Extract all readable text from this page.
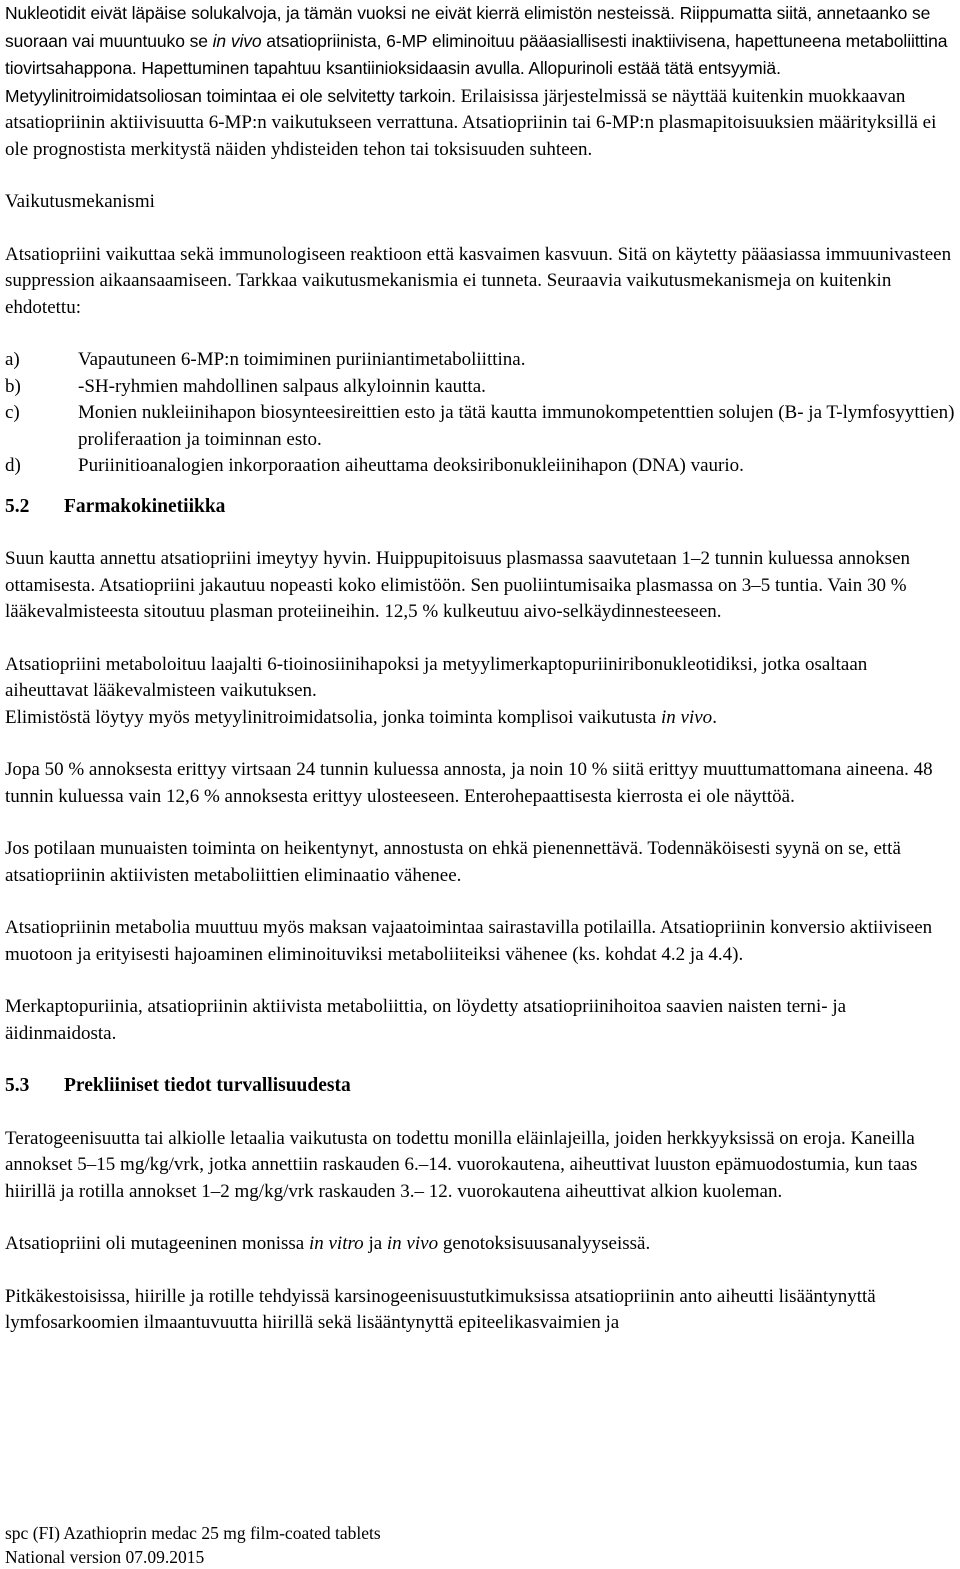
Nukleotidit eivät läpäise solukalvoja, ja tämän vuoksi ne eivät kierrä elimistön nesteissä. Riippumatta siitä, annetaanko se suoraan vai muuntuuko se in vivo atsatiopriinista, 6-MP eliminoituu pääasiallisesti inaktiivisena, hapettuneena metaboliittina tiovirtsahappona. Hapettuminen tapahtuu ksantiinioksidaasin avulla. Allopurinoli estää tätä entsyymiä. Metyylinitroimidatsoliosan toimintaa ei ole selvitetty tarkoin. Erilaisissa järjestelmissä se näyttää kuitenkin muokkaavan atsatiopriinin aktiivisuutta 6-MP:n vaikutukseen verrattuna. Atsatiopriinin tai 6-MP:n plasmapitoisuuksien määrityksillä ei ole prognostista merkitystä näiden yhdisteiden tehon tai toksisuuden suhteen.

Vaikutusmekanismi

Atsatiopriini vaikuttaa sekä immunologiseen reaktioon että kasvaimen kasvuun. Sitä on käytetty pääasiassa immuunivasteen suppression aikaansaamiseen. Tarkkaa vaikutusmekanismia ei tunneta. Seuraavia vaikutusmekanismeja on kuitenkin ehdotettu:

a)	Vapautuneen 6-MP:n toimiminen puriiniantimetaboliittina.
b)	-SH-ryhmien mahdollinen salpaus alkyloinnin kautta.
c)	Monien nukleiinihapon biosynteesireittien esto ja tätä kautta immunokompetenttien solujen (B- ja T-lymfosyyttien) proliferaation ja toiminnan esto.
d)	Puriinitioanalogien inkorporaation aiheuttama deoksiribonukleiinihapon (DNA) vaurio.
5.2	Farmakokinetiikka

Suun kautta annettu atsatiopriini imeytyy hyvin. Huippupitoisuus plasmassa saavutetaan 1–2 tunnin kuluessa annoksen ottamisesta. Atsatiopriini jakautuu nopeasti koko elimistöön. Sen puoliintumisaika plasmassa on 3–5 tuntia. Vain 30 % lääkevalmisteesta sitoutuu plasman proteiineihin. 12,5 % kulkeutuu aivo-selkäydinnesteeseen.

Atsatiopriini metaboloituu laajalti 6-tioinosiinihapoksi ja metyylimerkaptopuriiniribonukleotidiksi, jotka osaltaan aiheuttavat lääkevalmisteen vaikutuksen.

Elimistöstä löytyy myös metyylinitroimidatsolia, jonka toiminta komplisoi vaikutusta in vivo.

Jopa 50 % annoksesta erittyy virtsaan 24 tunnin kuluessa annosta, ja noin 10 % siitä erittyy muuttumattomana aineena. 48 tunnin kuluessa vain 12,6 % annoksesta erittyy ulosteeseen. Enterohepaattisesta kierrosta ei ole näyttöä.

Jos potilaan munuaisten toiminta on heikentynyt, annostusta on ehkä pienennettävä. Todennäköisesti syynä on se, että atsatiopriinin aktiivisten metaboliittien eliminaatio vähenee.

Atsatiopriinin metabolia muuttuu myös maksan vajaatoimintaa sairastavilla potilailla. Atsatiopriinin konversio aktiiviseen muotoon ja erityisesti hajoaminen eliminoituviksi metaboliiteiksi vähenee (ks. kohdat 4.2 ja 4.4).

Merkaptopuriinia, atsatiopriinin aktiivista metaboliittia, on löydetty atsatiopriinihoitoa saavien naisten terni- ja äidinmaidosta.

5.3	Prekliiniset tiedot turvallisuudesta

Teratogeenisuutta tai alkiolle letaalia vaikutusta on todettu monilla eläinlajeilla, joiden herkkyyksissä on eroja. Kaneilla annokset 5–15 mg/kg/vrk, jotka annettiin raskauden 6.–14. vuorokautena, aiheuttivat luuston epämuodostumia, kun taas hiirillä ja rotilla annokset 1–2 mg/kg/vrk raskauden 3.– 12. vuorokautena aiheuttivat alkion kuoleman.

Atsatiopriini oli mutageeninen monissa in vitro ja in vivo genotoksisuusanalyyseissä.

Pitkäkestoisissa, hiirille ja rotille tehdyissä karsinogeenisuustutkimuksissa atsatiopriinin anto aiheutti lisääntynyttä lymfosarkoomien ilmaantuvuutta hiirillä sekä lisääntynyttä epiteelikasvaimien ja

spc (FI) Azathioprin medac 25 mg film-coated tablets
National version 07.09.2015
